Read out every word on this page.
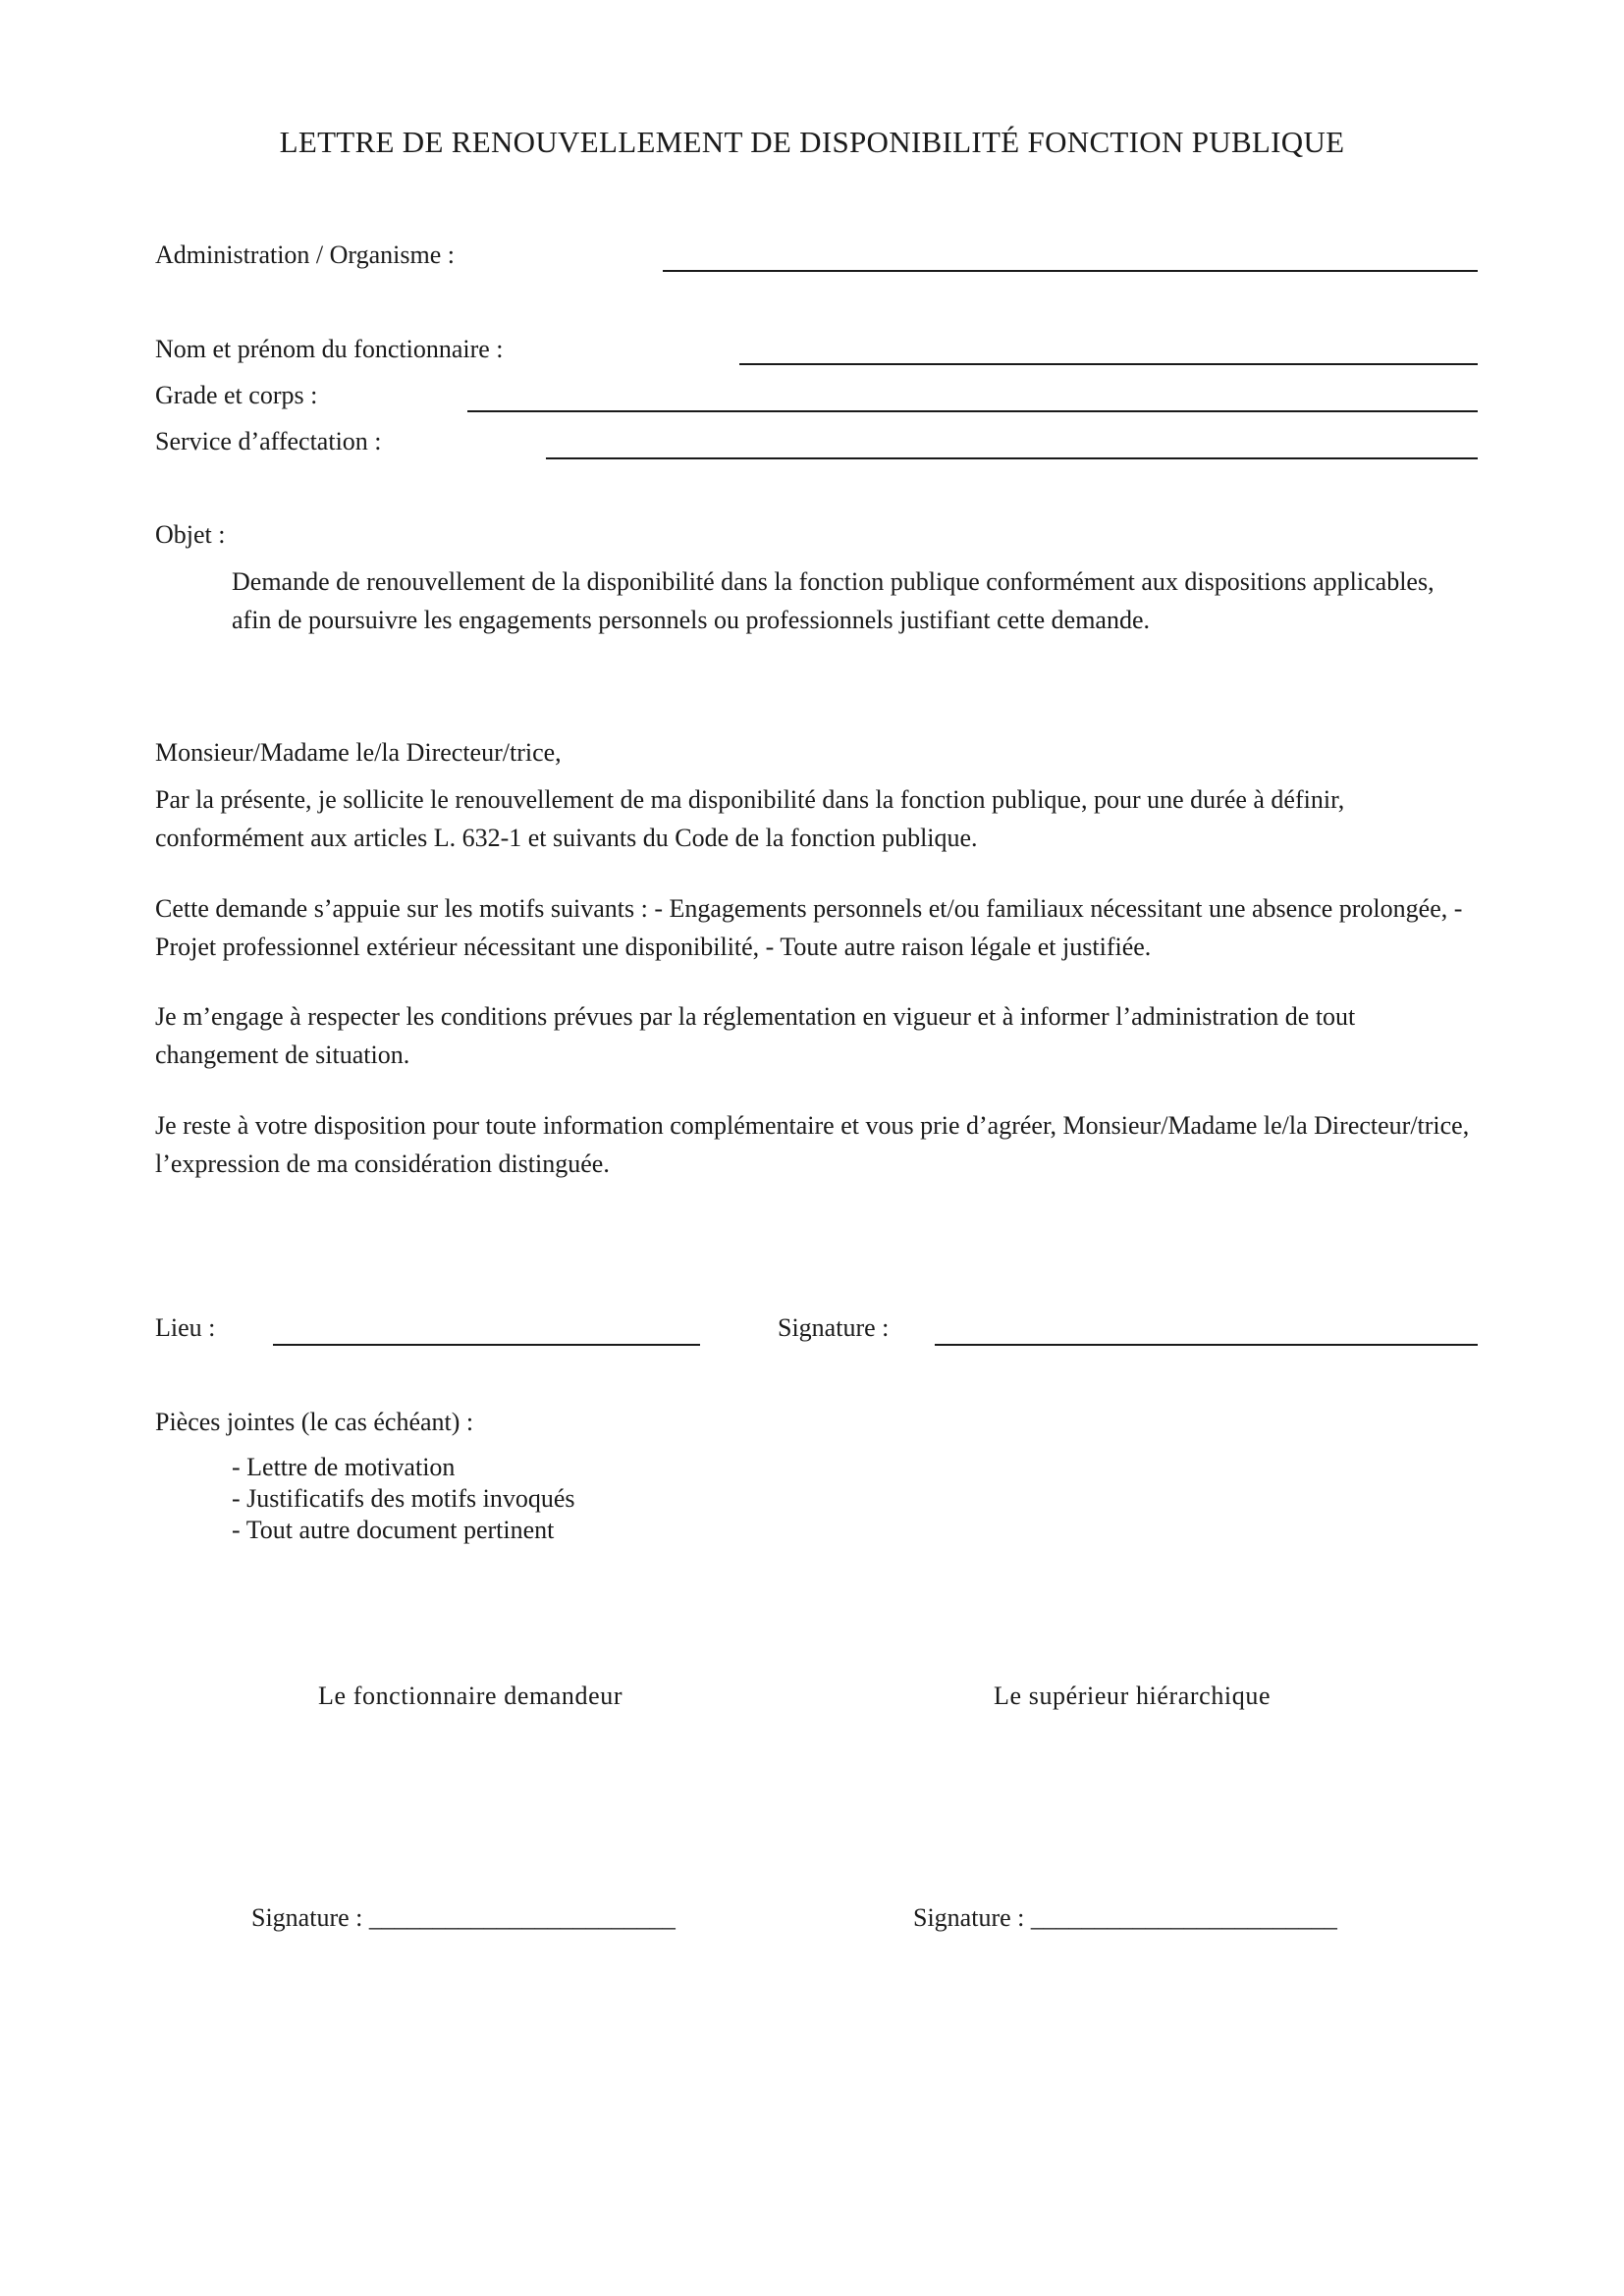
LETTRE DE RENOUVELLEMENT DE DISPONIBILITÉ FONCTION PUBLIQUE
Administration / Organisme :
Nom et prénom du fonctionnaire :
Grade et corps :
Service d’affectation :
Objet :
Demande de renouvellement de la disponibilité dans la fonction publique conformément aux dispositions applicables, afin de poursuivre les engagements personnels ou professionnels justifiant cette demande.
Monsieur/Madame le/la Directeur/trice,
Par la présente, je sollicite le renouvellement de ma disponibilité dans la fonction publique, pour une durée à définir, conformément aux articles L. 632-1 et suivants du Code de la fonction publique.
Cette demande s’appuie sur les motifs suivants : - Engagements personnels et/ou familiaux nécessitant une absence prolongée, - Projet professionnel extérieur nécessitant une disponibilité, - Toute autre raison légale et justifiée.
Je m’engage à respecter les conditions prévues par la réglementation en vigueur et à informer l’administration de tout changement de situation.
Je reste à votre disposition pour toute information complémentaire et vous prie d’agréer, Monsieur/Madame le/la Directeur/trice, l’expression de ma considération distinguée.
Lieu :	Signature :
Pièces jointes (le cas échéant) :
- Lettre de motivation
- Justificatifs des motifs invoqués
- Tout autre document pertinent
Le fonctionnaire demandeur	Le supérieur hiérarchique
Signature : ________________________	Signature : ________________________
